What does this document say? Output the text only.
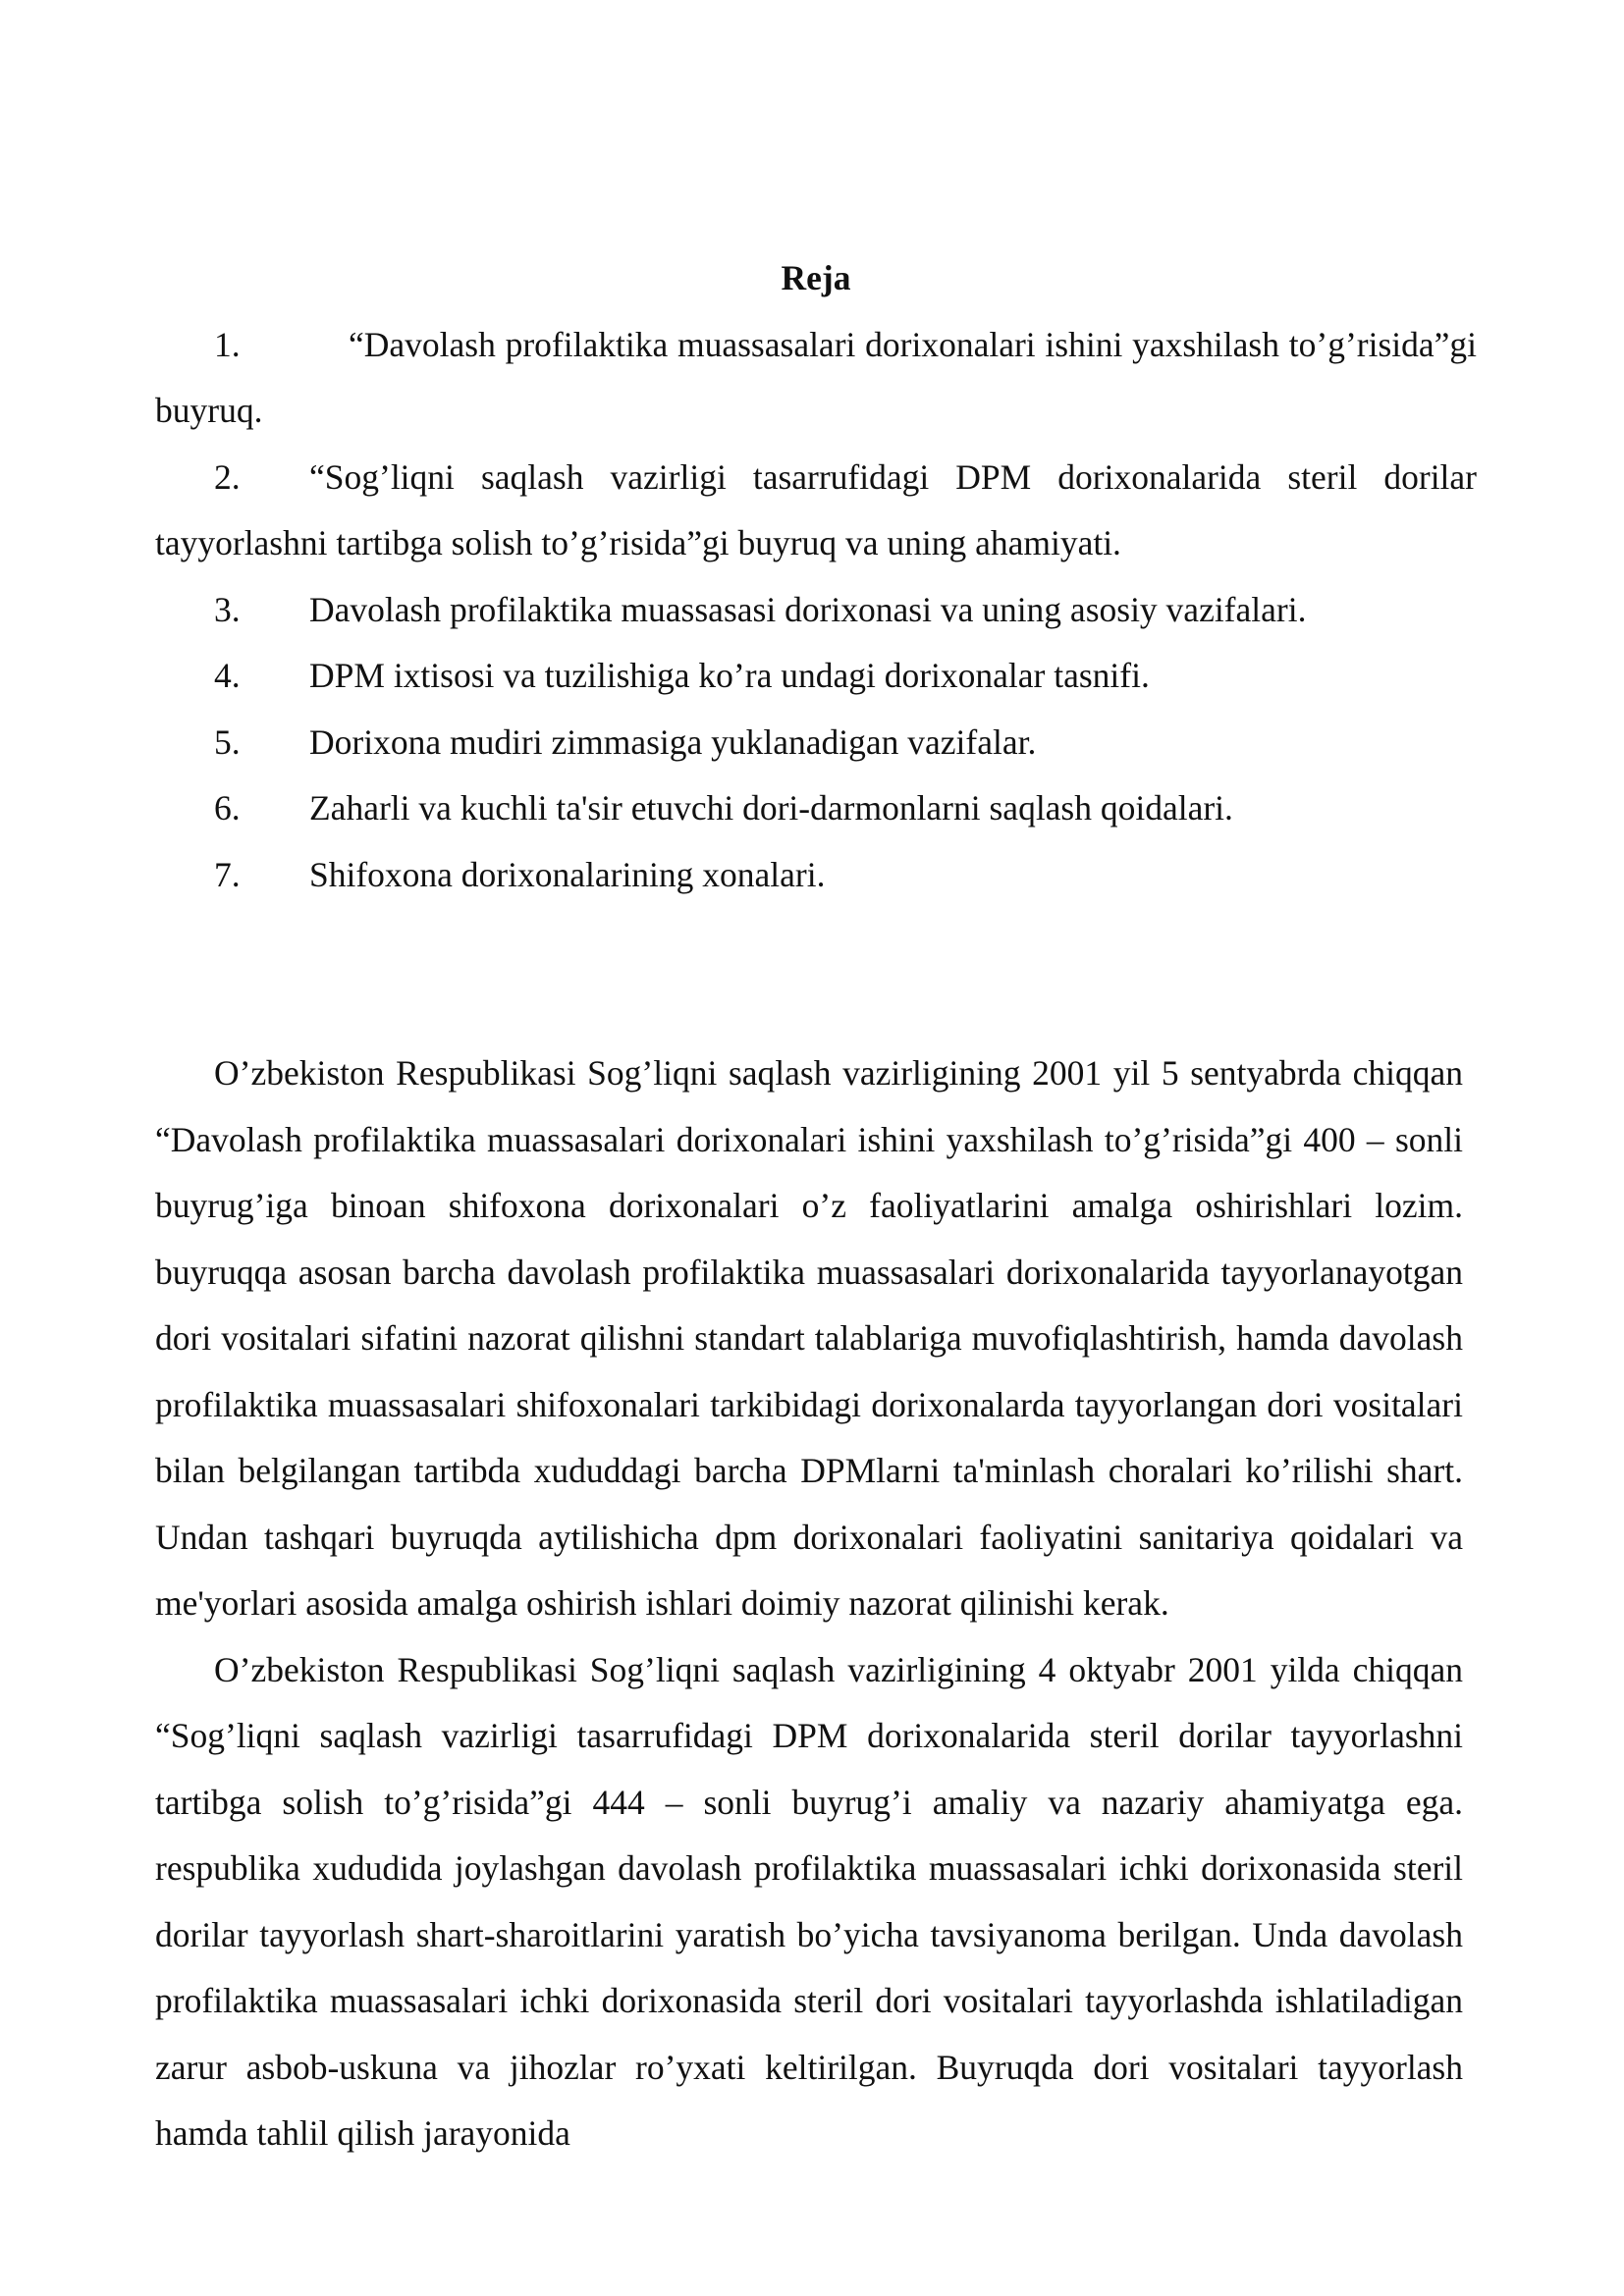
Reja

1.	“Davolash profilaktika muassasalari dorixonalari ishini yaxshilash to’g’risida”gi buyruq.

2. “Sog’liqni saqlash vazirligi tasarrufidagi DPM dorixonalarida steril dorilar tayyorlashni tartibga solish to’g’risida”gi buyruq va uning ahamiyati.

3. Davolash profilaktika muassasasi dorixonasi va uning asosiy vazifalari.

4. DPM ixtisosi va tuzilishiga ko’ra undagi dorixonalar tasnifi.

5. Dorixona mudiri zimmasiga yuklanadigan vazifalar.

6. Zaharli va kuchli ta'sir etuvchi dori-darmonlarni saqlash qoidalari.

7. Shifoxona dorixonalarining xonalari.

O’zbekiston Respublikasi Sog’liqni saqlash vazirligining 2001 yil 5 sentyabrda chiqqan “Davolash profilaktika muassasalari dorixonalari ishini yaxshilash to’g’risida”gi 400 – sonli buyrug’iga binoan shifoxona dorixonalari o’z faoliyatlarini amalga oshirishlari lozim. buyruqqa asosan barcha davolash profilaktika muassasalari dorixonalarida tayyorlanayotgan dori vositalari sifatini nazorat qilishni standart talablariga muvofiqlashtirish, hamda davolash profilaktika muassasalari shifoxonalari tarkibidagi dorixonalarda tayyorlangan dori vositalari bilan belgilangan tartibda xududdagi barcha DPMlarni ta'minlash choralari ko’rilishi shart. Undan tashqari buyruqda aytilishicha dpm dorixonalari faoliyatini sanitariya qoidalari va me'yorlari asosida amalga oshirish ishlari doimiy nazorat qilinishi kerak.

O’zbekiston Respublikasi Sog’liqni saqlash vazirligining 4 oktyabr 2001 yilda chiqqan “Sog’liqni saqlash vazirligi tasarrufidagi DPM dorixonalarida steril dorilar tayyorlashni tartibga solish to’g’risida”gi 444 – sonli buyrug’i amaliy va nazariy ahamiyatga ega. respublika xududida joylashgan davolash profilaktika muassasalari ichki dorixonasida steril dorilar tayyorlash shart-sharoitlarini yaratish bo’yicha tavsiyanoma berilgan. Unda davolash profilaktika muassasalari ichki dorixonasida steril dori vositalari tayyorlashda ishlatiladigan zarur asbob-uskuna va jihozlar ro’yxati keltirilgan. Buyruqda dori vositalari tayyorlash hamda tahlil qilish jarayonida
